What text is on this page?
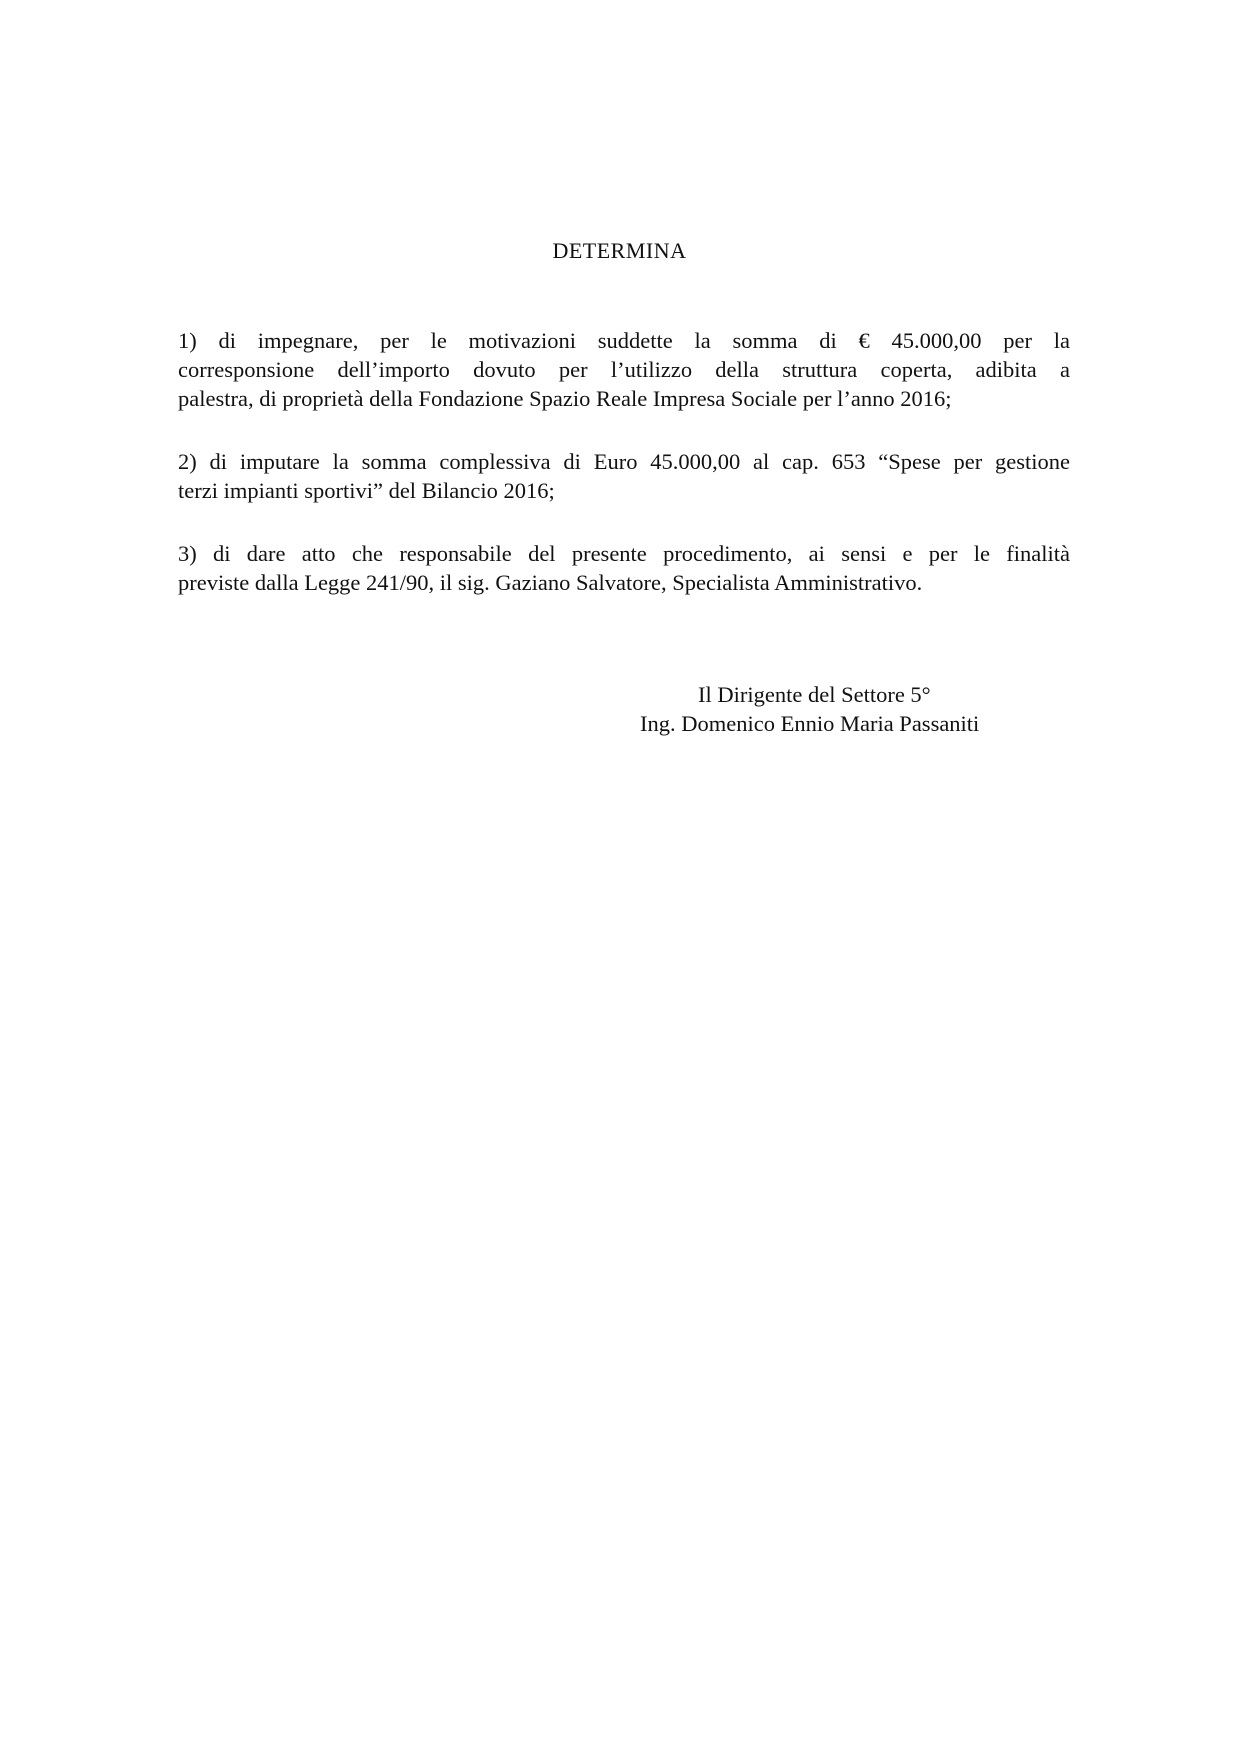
DETERMINA
1) di impegnare, per le motivazioni suddette la somma di € 45.000,00 per la
corresponsione dell’importo dovuto per l’utilizzo della struttura coperta, adibita a
palestra, di proprietà della Fondazione Spazio Reale Impresa Sociale per l’anno 2016;
2) di imputare la somma complessiva di Euro 45.000,00 al cap. 653 “Spese per gestione
terzi impianti sportivi” del Bilancio 2016;
3) di dare atto che responsabile del presente procedimento, ai sensi e per le finalità
previste dalla Legge 241/90, il sig. Gaziano Salvatore, Specialista Amministrativo.
Il Dirigente del Settore 5°
Ing. Domenico Ennio Maria Passaniti
